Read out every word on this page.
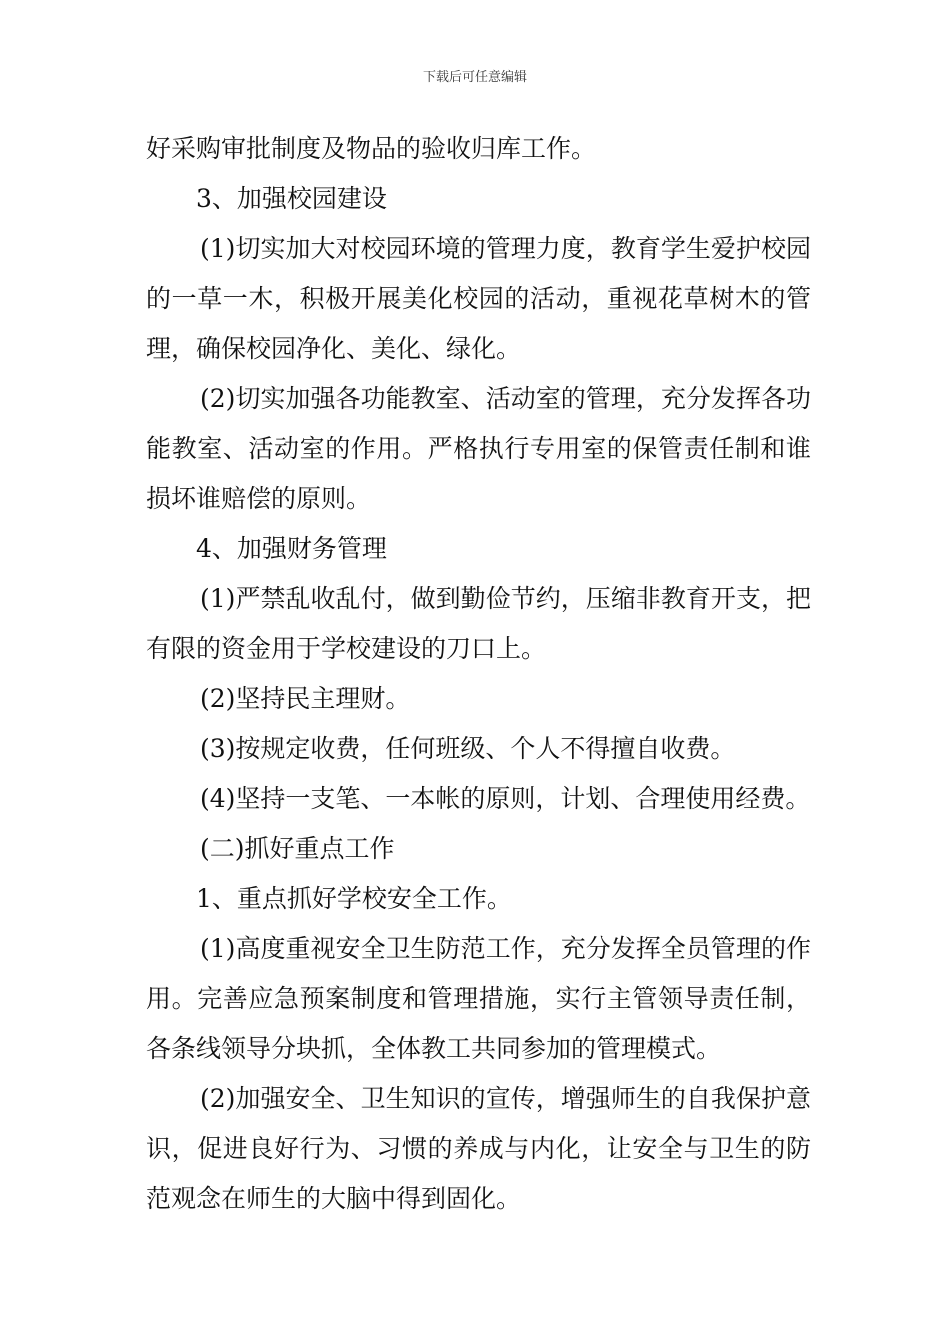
下载后可任意编辑

好采购审批制度及物品的验收归库工作。

3、加强校园建设

(1)切实加大对校园环境的管理力度，教育学生爱护校园的一草一木，积极开展美化校园的活动，重视花草树木的管理，确保校园净化、美化、绿化。

(2)切实加强各功能教室、活动室的管理，充分发挥各功能教室、活动室的作用。严格执行专用室的保管责任制和谁损坏谁赔偿的原则。

4、加强财务管理

(1)严禁乱收乱付，做到勤俭节约，压缩非教育开支，把有限的资金用于学校建设的刀口上。

(2)坚持民主理财。

(3)按规定收费，任何班级、个人不得擅自收费。

(4)坚持一支笔、一本帐的原则，计划、合理使用经费。

(二)抓好重点工作

1、重点抓好学校安全工作。

(1)高度重视安全卫生防范工作，充分发挥全员管理的作用。完善应急预案制度和管理措施，实行主管领导责任制，各条线领导分块抓，全体教工共同参加的管理模式。

(2)加强安全、卫生知识的宣传，增强师生的自我保护意识，促进良好行为、习惯的养成与内化，让安全与卫生的防范观念在师生的大脑中得到固化。
